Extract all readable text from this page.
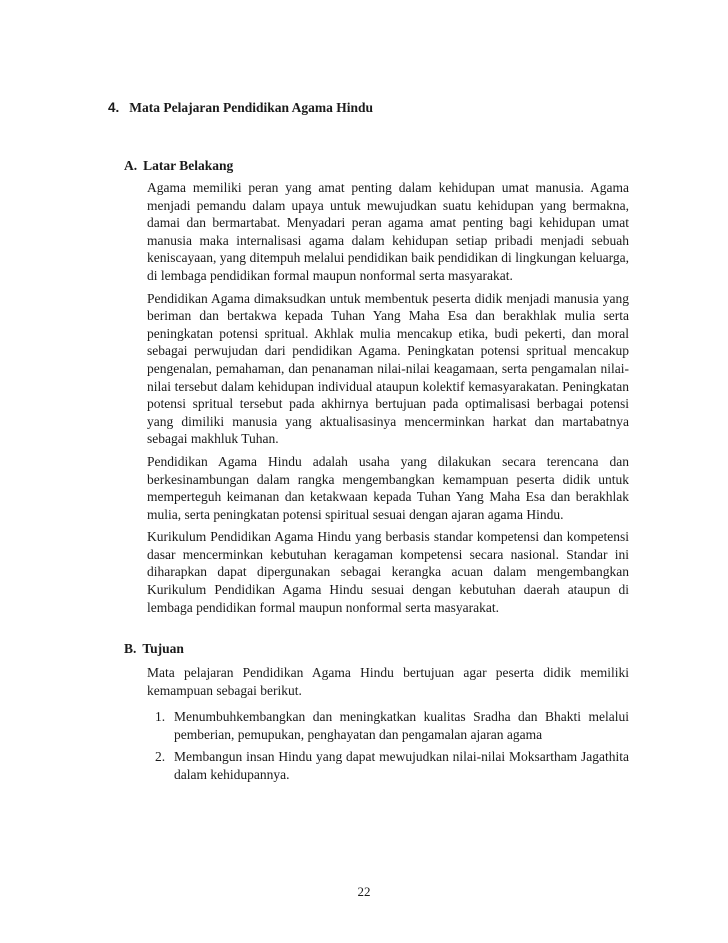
4. Mata Pelajaran Pendidikan Agama Hindu
A. Latar Belakang

Agama memiliki peran yang amat penting dalam kehidupan umat manusia. Agama menjadi pemandu dalam upaya untuk mewujudkan suatu kehidupan yang bermakna, damai dan bermartabat. Menyadari peran agama amat penting bagi kehidupan umat manusia maka internalisasi agama dalam kehidupan setiap pribadi menjadi sebuah keniscayaan, yang ditempuh melalui pendidikan baik pendidikan di lingkungan keluarga, di lembaga pendidikan formal maupun nonformal serta masyarakat.

Pendidikan Agama dimaksudkan untuk membentuk peserta didik menjadi manusia yang beriman dan bertakwa kepada Tuhan Yang Maha Esa dan berakhlak mulia serta peningkatan potensi spritual. Akhlak mulia mencakup etika, budi pekerti, dan moral sebagai perwujudan dari pendidikan Agama. Peningkatan potensi spritual mencakup pengenalan, pemahaman, dan penanaman nilai-nilai keagamaan, serta pengamalan nilai-nilai tersebut dalam kehidupan individual ataupun kolektif kemasyarakatan. Peningkatan potensi spritual tersebut pada akhirnya bertujuan pada optimalisasi berbagai potensi yang dimiliki manusia yang aktualisasinya mencerminkan harkat dan martabatnya sebagai makhluk Tuhan.

Pendidikan Agama Hindu adalah usaha yang dilakukan secara terencana dan berkesinambungan dalam rangka mengembangkan kemampuan peserta didik untuk memperteguh keimanan dan ketakwaan kepada Tuhan Yang Maha Esa dan berakhlak mulia, serta peningkatan potensi spiritual sesuai dengan ajaran agama Hindu.

Kurikulum Pendidikan Agama Hindu yang berbasis standar kompetensi dan kompetensi dasar mencerminkan kebutuhan keragaman kompetensi secara nasional. Standar ini diharapkan dapat dipergunakan sebagai kerangka acuan dalam mengembangkan Kurikulum Pendidikan Agama Hindu sesuai dengan kebutuhan daerah ataupun di lembaga pendidikan formal maupun nonformal serta masyarakat.

B. Tujuan

Mata pelajaran Pendidikan Agama Hindu bertujuan agar peserta didik memiliki kemampuan sebagai berikut.

1. Menumbuhkembangkan dan meningkatkan kualitas Sradha dan Bhakti melalui pemberian, pemupukan, penghayatan dan pengamalan ajaran agama
2. Membangun insan Hindu yang dapat mewujudkan nilai-nilai Moksartham Jagathita dalam kehidupannya.
22
